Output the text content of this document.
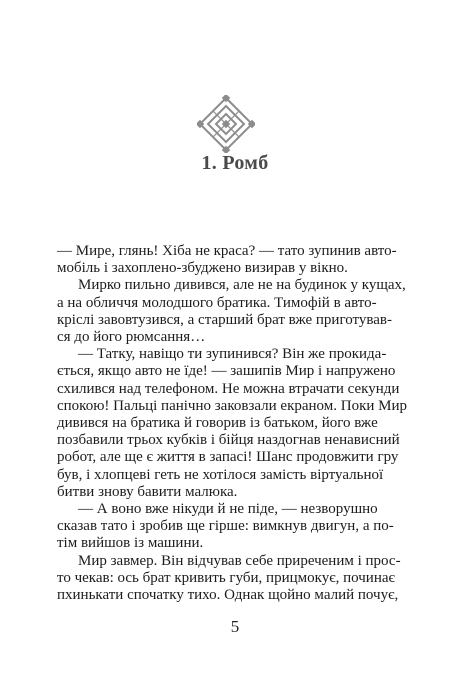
1. Ромб
— Мире, глянь! Хіба не краса? — тато зупинив авто-
мобіль і захоплено-збуджено визирав у вікно.
Мирко пильно дивився, але не на будинок у кущах,
а на обличчя молодшого братика. Тимофій в авто-
кріслі завовтузився, а старший брат вже приготував-
ся до його рюмсання…
— Татку, навіщо ти зупинився? Він же прокида-
ється, якщо авто не їде! — зашипів Мир і напружено
схилився над телефоном. Не можна втрачати секунди
спокою! Пальці панічно заковзали екраном. Поки Мир
дивився на братика й говорив із батьком, його вже
позбавили трьох кубків і бійця наздогнав ненависний
робот, але ще є життя в запасі! Шанс продовжити гру
був, і хлопцеві геть не хотілося замість віртуальної
битви знову бавити малюка.
— А воно вже нікуди й не піде, — незворушно
сказав тато і зробив ще гірше: вимкнув двигун, а по-
тім вийшов із машини.
Мир завмер. Він відчував себе приреченим і прос-
то чекав: ось брат кривить губи, прицмокує, починає
пхинькати спочатку тихо. Однак щойно малий почує,
5
